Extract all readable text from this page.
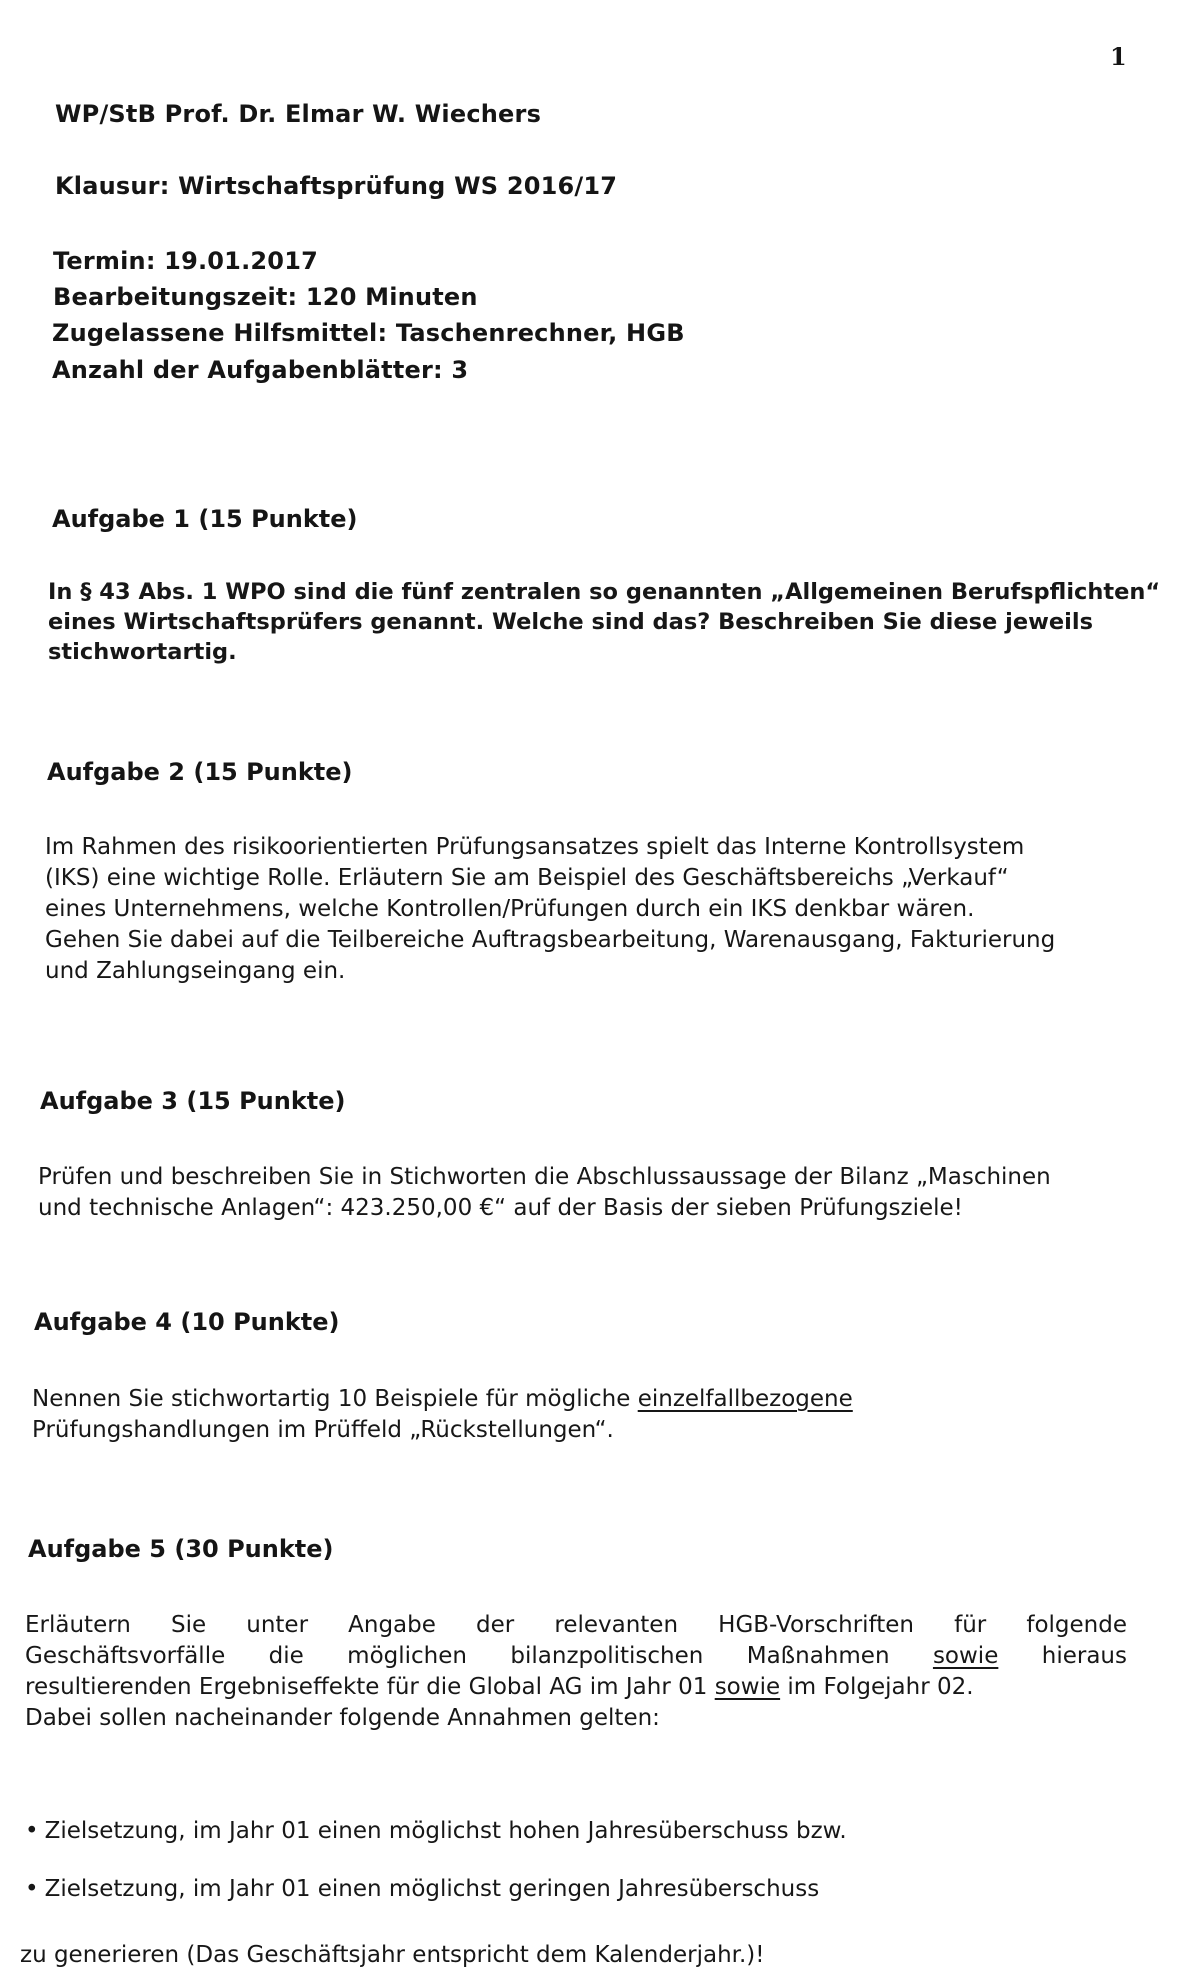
1
WP/StB Prof. Dr. Elmar W. Wiechers
Klausur: Wirtschaftsprüfung WS 2016/17
Termin: 19.01.2017
Bearbeitungszeit: 120 Minuten
Zugelassene Hilfsmittel: Taschenrechner, HGB
Anzahl der Aufgabenblätter: 3
Aufgabe 1 (15 Punkte)
In § 43 Abs. 1 WPO sind die fünf zentralen so genannten „Allgemeinen Berufspflichten“
eines Wirtschaftsprüfers genannt. Welche sind das? Beschreiben Sie diese jeweils
stichwortartig.
Aufgabe 2 (15 Punkte)
Im Rahmen des risikoorientierten Prüfungsansatzes spielt das Interne Kontrollsystem
(IKS) eine wichtige Rolle. Erläutern Sie am Beispiel des Geschäftsbereichs „Verkauf“
eines Unternehmens, welche Kontrollen/Prüfungen durch ein IKS denkbar wären.
Gehen Sie dabei auf die Teilbereiche Auftragsbearbeitung, Warenausgang, Fakturierung
und Zahlungseingang ein.
Aufgabe 3 (15 Punkte)
Prüfen und beschreiben Sie in Stichworten die Abschlussaussage der Bilanz „Maschinen
und technische Anlagen“: 423.250,00 €“ auf der Basis der sieben Prüfungsziele!
Aufgabe 4 (10 Punkte)
Nennen Sie stichwortartig 10 Beispiele für mögliche einzelfallbezogene
Prüfungshandlungen im Prüffeld „Rückstellungen“.
Aufgabe 5 (30 Punkte)
Erläutern Sie unter Angabe der relevanten HGB-Vorschriften für folgende
Geschäftsvorfälle die möglichen bilanzpolitischen Maßnahmen sowie hieraus
resultierenden Ergebniseffekte für die Global AG im Jahr 01 sowie im Folgejahr 02.
Dabei sollen nacheinander folgende Annahmen gelten:
• Zielsetzung, im Jahr 01 einen möglichst hohen Jahresüberschuss bzw.
• Zielsetzung, im Jahr 01 einen möglichst geringen Jahresüberschuss
zu generieren (Das Geschäftsjahr entspricht dem Kalenderjahr.)!
